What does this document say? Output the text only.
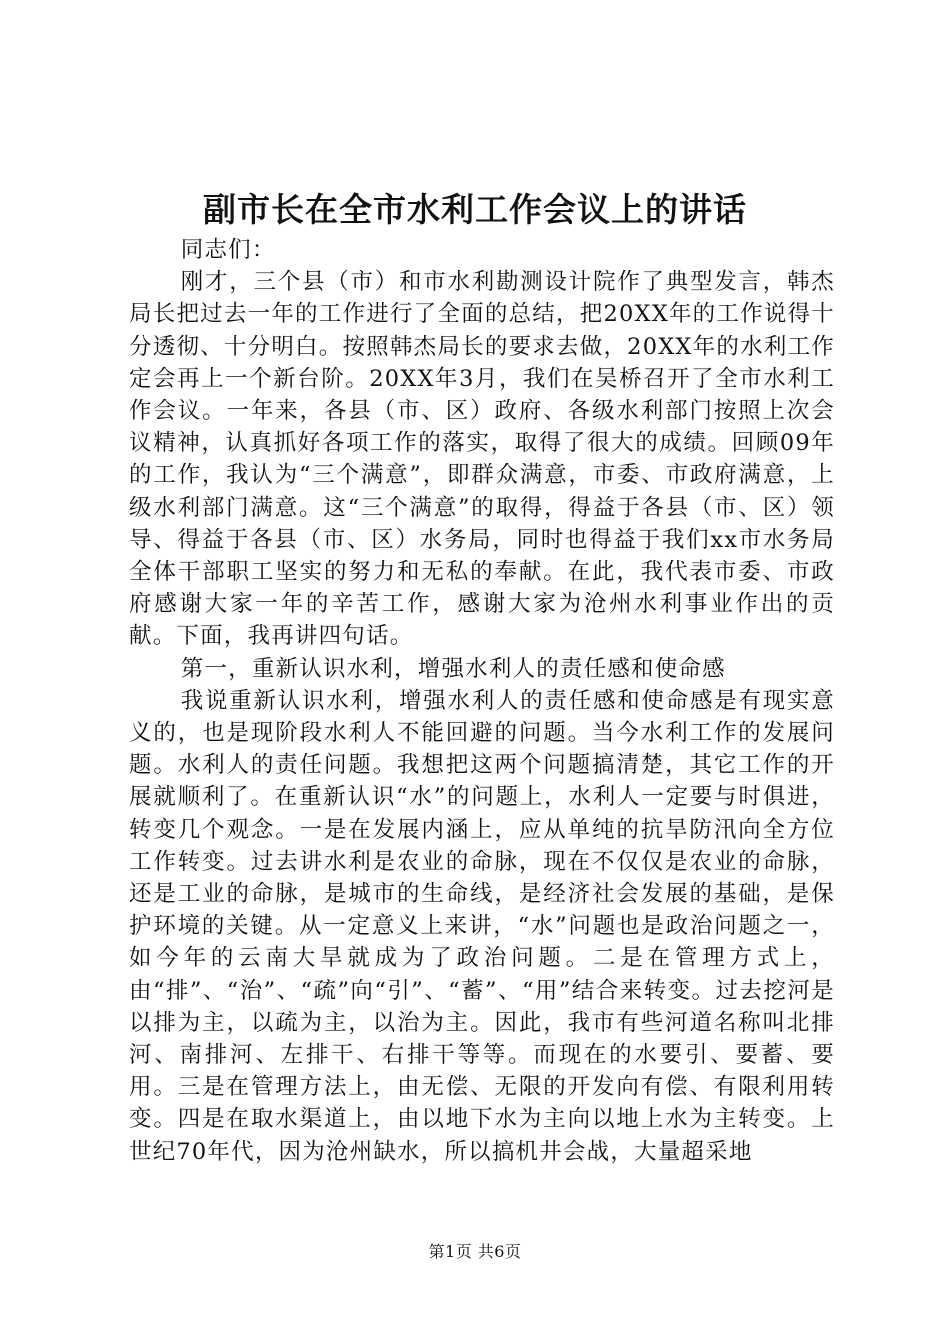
副市长在全市水利工作会议上的讲话

同志们：

刚才，三个县（市）和市水利勘测设计院作了典型发言，韩杰局长把过去一年的工作进行了全面的总结，把20XX年的工作说得十分透彻、十分明白。按照韩杰局长的要求去做，20XX年的水利工作定会再上一个新台阶。20XX年3月，我们在吴桥召开了全市水利工作会议。一年来，各县（市、区）政府、各级水利部门按照上次会议精神，认真抓好各项工作的落实，取得了很大的成绩。回顾09年的工作，我认为“三个满意”，即群众满意，市委、市政府满意，上级水利部门满意。这“三个满意”的取得，得益于各县（市、区）领导、得益于各县（市、区）水务局，同时也得益于我们xx市水务局全体干部职工坚实的努力和无私的奉献。在此，我代表市委、市政府感谢大家一年的辛苦工作，感谢大家为沧州水利事业作出的贡献。下面，我再讲四句话。

第一，重新认识水利，增强水利人的责任感和使命感

我说重新认识水利，增强水利人的责任感和使命感是有现实意义的，也是现阶段水利人不能回避的问题。当今水利工作的发展问题。水利人的责任问题。我想把这两个问题搞清楚，其它工作的开展就顺利了。在重新认识“水”的问题上，水利人一定要与时俱进，转变几个观念。一是在发展内涵上，应从单纯的抗旱防汛向全方位工作转变。过去讲水利是农业的命脉，现在不仅仅是农业的命脉，还是工业的命脉，是城市的生命线，是经济社会发展的基础，是保护环境的关键。从一定意义上来讲，“水”问题也是政治问题之一，如今年的云南大旱就成为了政治问题。二是在管理方式上，由“排”、“治”、“疏”向“引”、“蓄”、“用”结合来转变。过去挖河是以排为主，以疏为主，以治为主。因此，我市有些河道名称叫北排河、南排河、左排干、右排干等等。而现在的水要引、要蓄、要用。三是在管理方法上，由无偿、无限的开发向有偿、有限利用转变。四是在取水渠道上，由以地下水为主向以地上水为主转变。上世纪70年代，因为沧州缺水，所以搞机井会战，大量超采地

第1页 共6页
